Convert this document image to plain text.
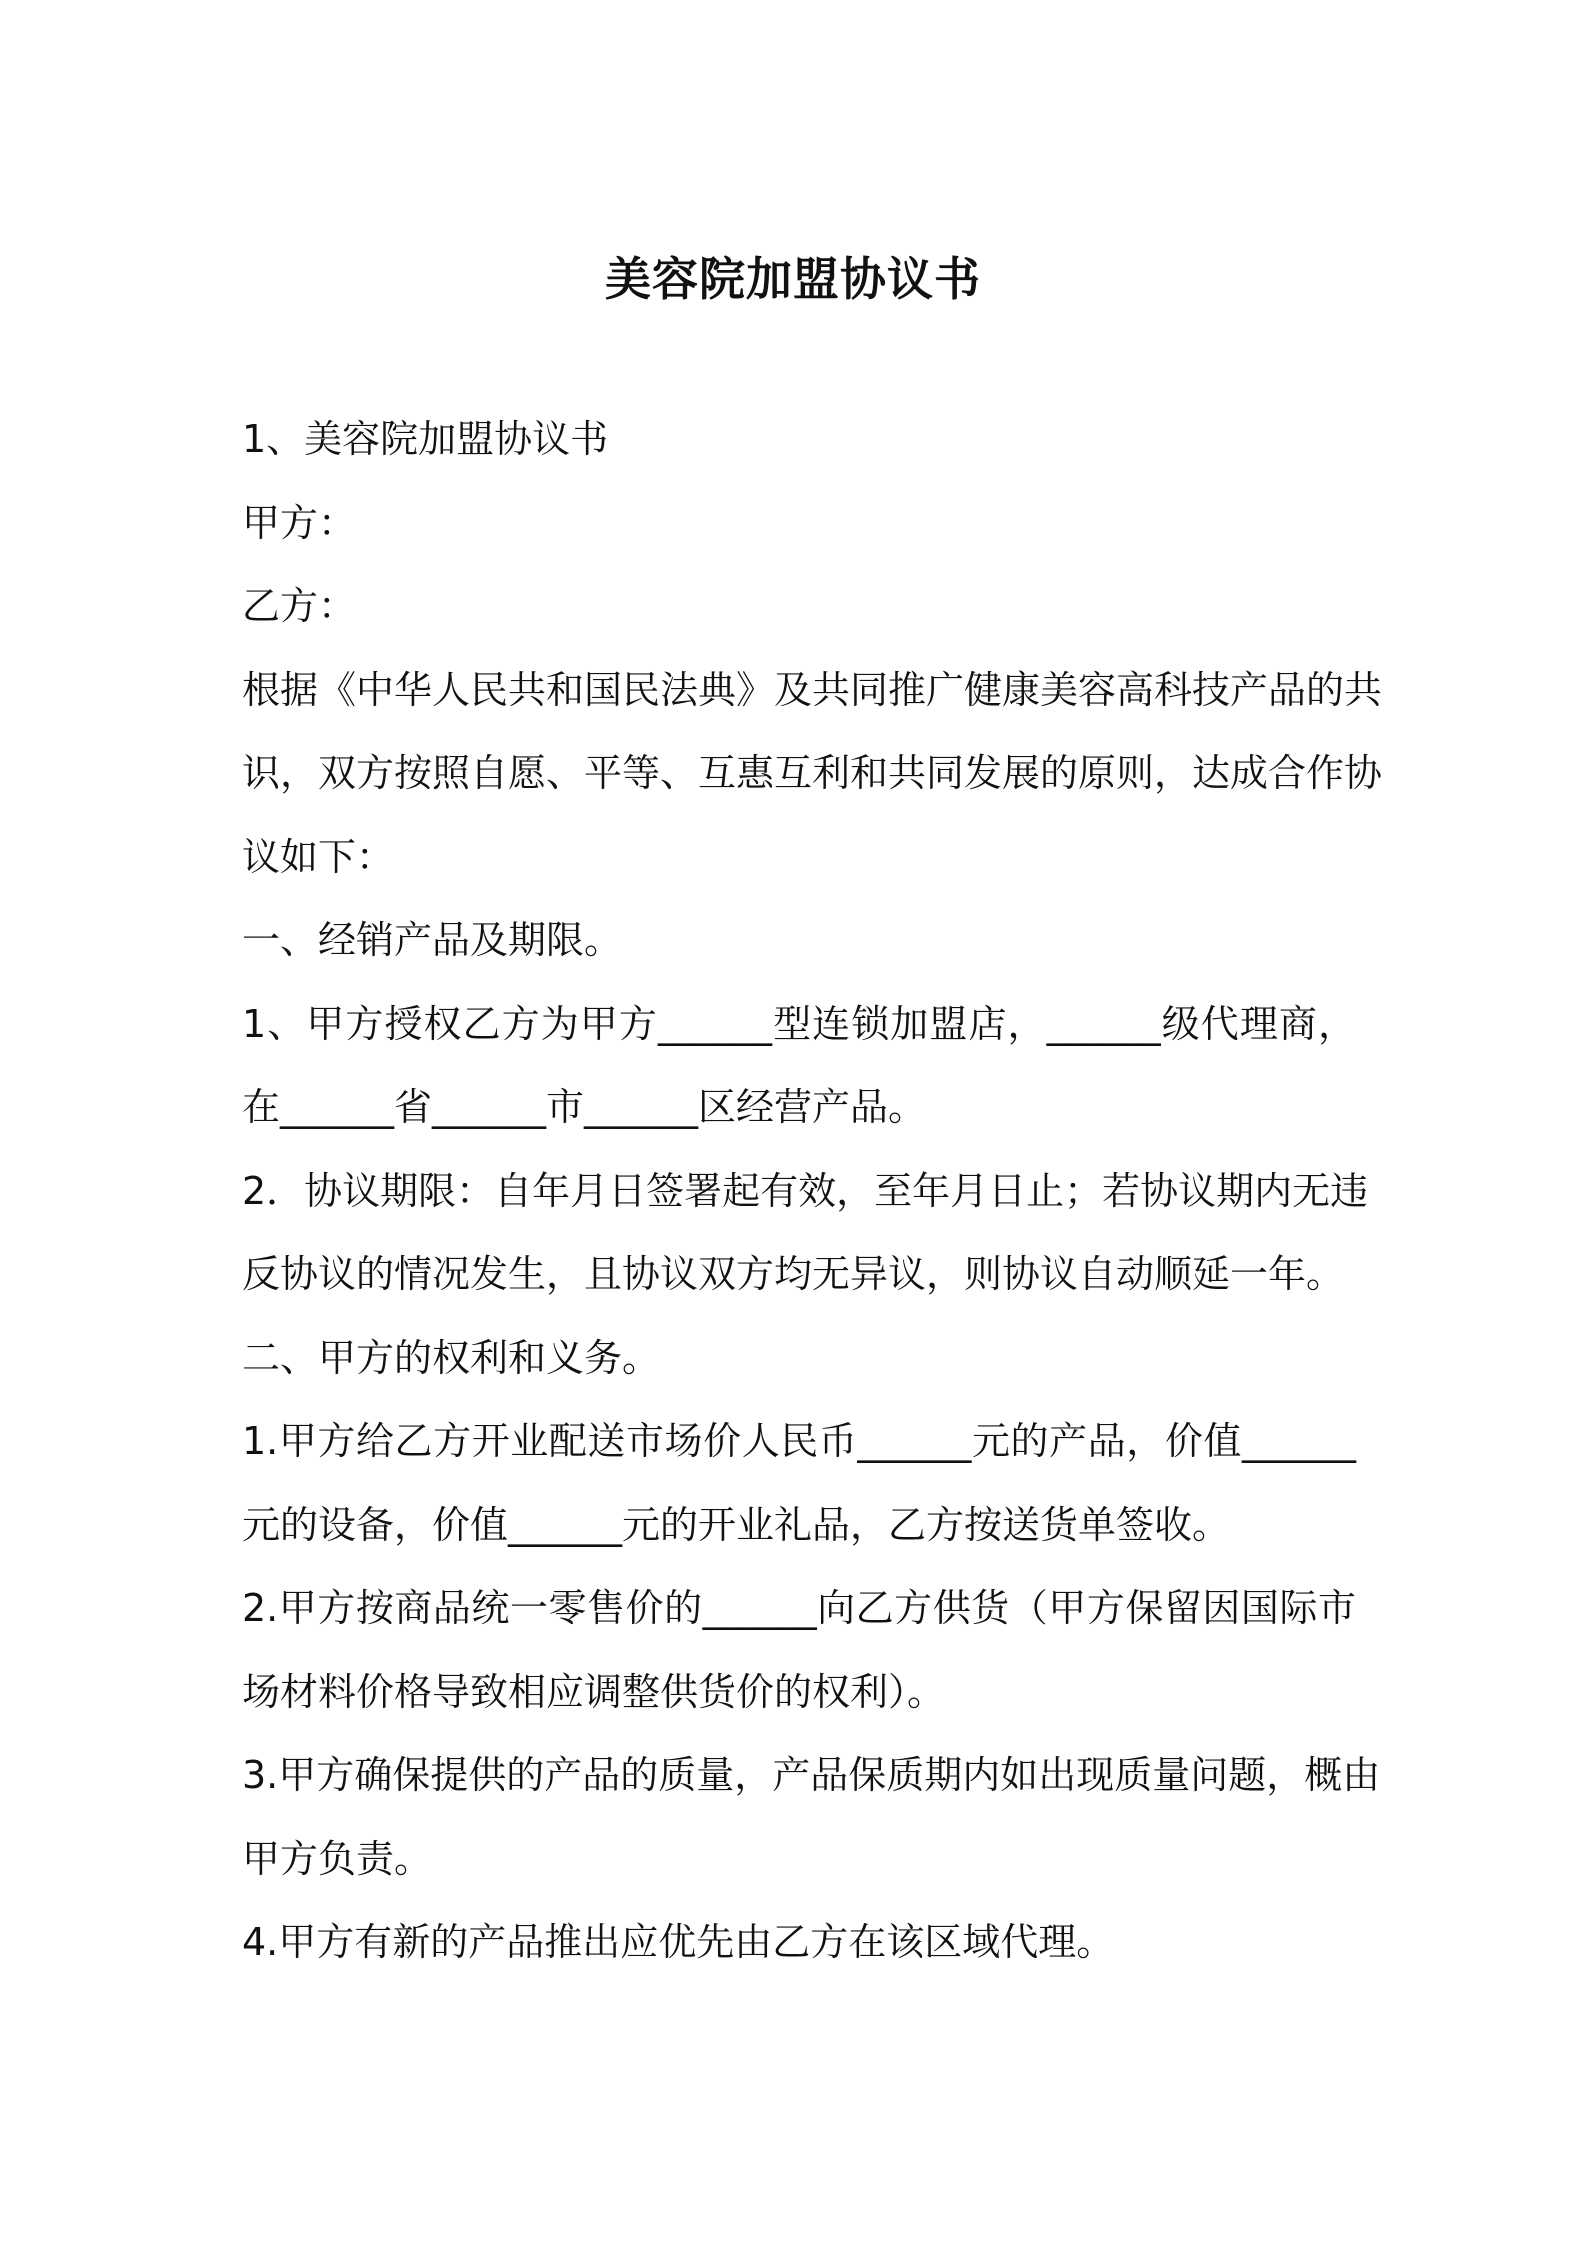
美容院加盟协议书

1、美容院加盟协议书

甲方：

乙方：

根据《中华人民共和国民法典》及共同推广健康美容高科技产品的共

识，双方按照自愿、平等、互惠互利和共同发展的原则，达成合作协

议如下：

一、经销产品及期限。

1、甲方授权乙方为甲方______型连锁加盟店，______级代理商，

在______省______市______区经营产品。

2．协议期限：自年月日签署起有效，至年月日止；若协议期内无违

反协议的情况发生，且协议双方均无异议，则协议自动顺延一年。

二、甲方的权利和义务。

1.甲方给乙方开业配送市场价人民币______元的产品，价值______

元的设备，价值______元的开业礼品，乙方按送货单签收。

2.甲方按商品统一零售价的______向乙方供货（甲方保留因国际市

场材料价格导致相应调整供货价的权利）。

3.甲方确保提供的产品的质量，产品保质期内如出现质量问题，概由

甲方负责。

4.甲方有新的产品推出应优先由乙方在该区域代理。
